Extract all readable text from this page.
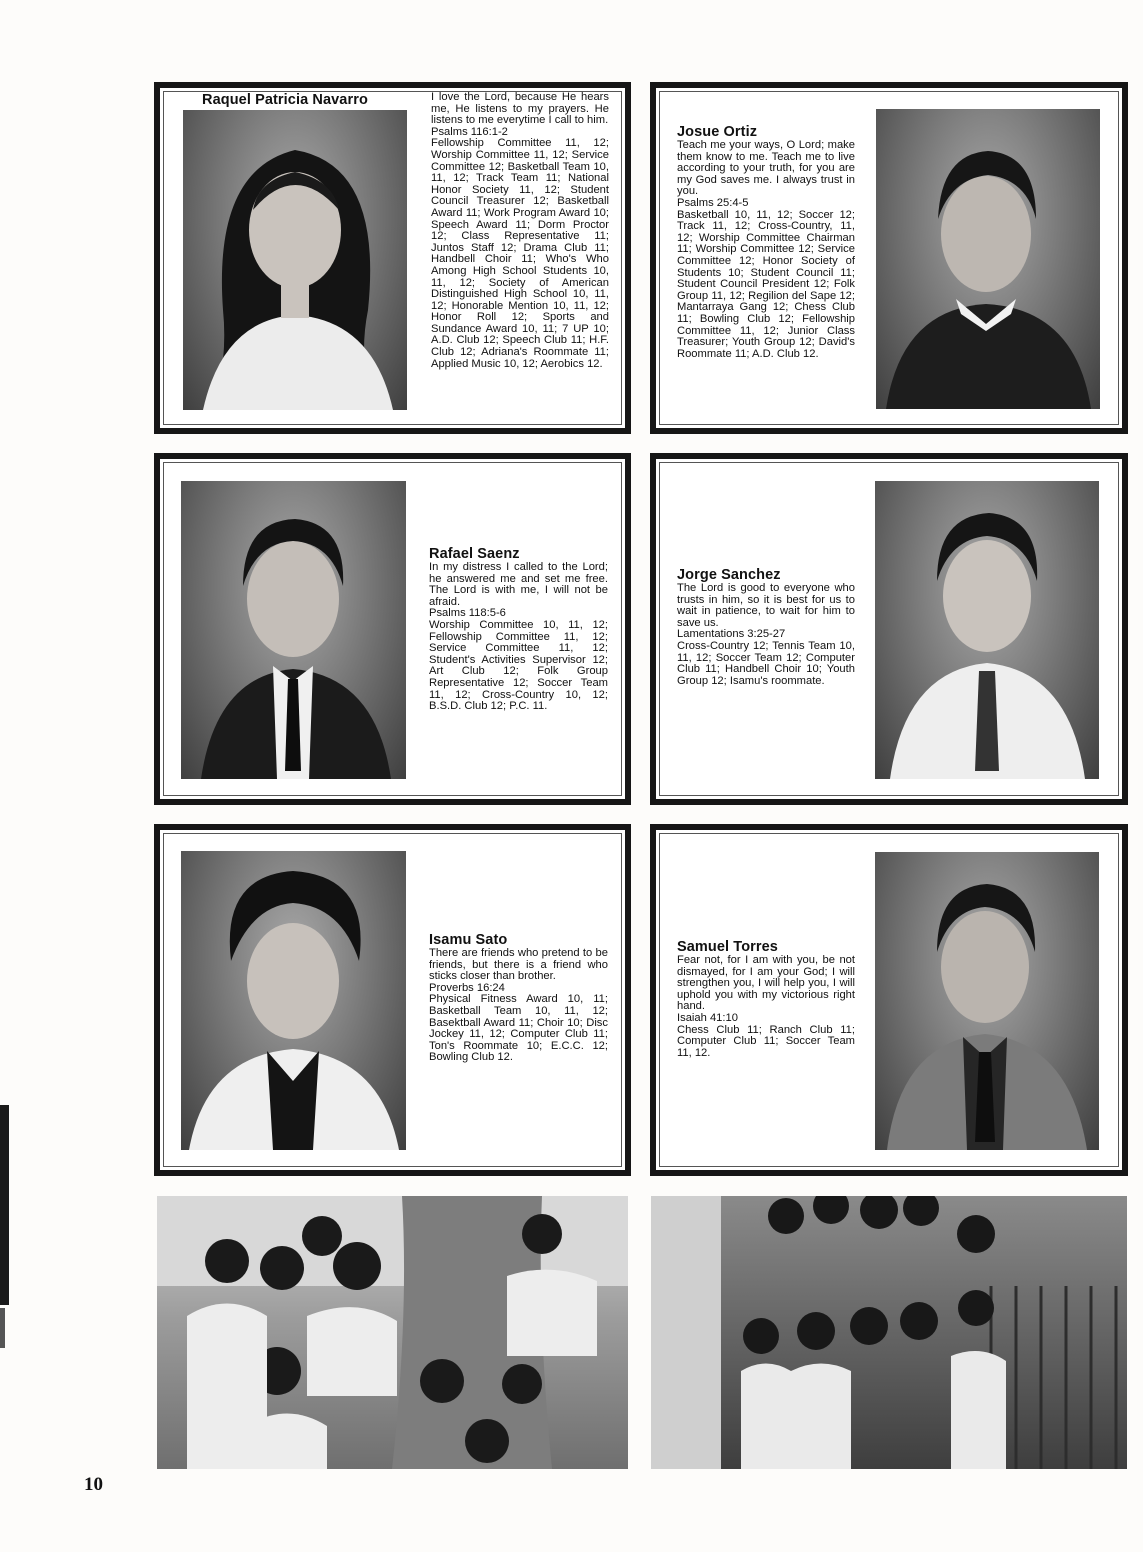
Raquel Patricia Navarro	I love the Lord, because He hears me, He listens to my prayers. He listens to me everytime I call to him.

Psalms 116:1-2

Fellowship Committee 11, 12; Worship Committee 11, 12; Service Committee 12; Basketball Team 10, 11, 12; Track Team 11; National Honor Society 11, 12; Student Council Treasurer 12; Basketball Award 11; Work Program Award 10; Speech Award 11; Dorm Proctor 12; Class Representative 11; Juntos Staff 12; Drama Club 11; Handbell Choir 11; Who's Who Among High School Students 10, 11, 12; Society of American Distinguished High School 10, 11, 12; Honorable Mention 10, 11, 12; Honor Roll 12; Sports and Sundance Award 10, 11; 7 UP 10; A.D. Club 12; Speech Club 11; H.F. Club 12; Adriana's Roommate 11; Applied Music 10, 12; Aerobics 12.

Josue Ortiz

Teach me your ways, O Lord; make them know to me. Teach me to live according to your truth, for you are my God saves me. I always trust in you.

Psalms 25:4-5

Basketball 10, 11, 12; Soccer 12; Track 11, 12; Cross-Country, 11, 12; Worship Committee Chairman 11; Worship Committee 12; Service Committee 12; Honor Society of Students 10; Student Council 11; Student Council President 12; Folk Group 11, 12; Regilion del Sape 12; Mantarraya Gang 12; Chess Club 11; Bowling Club 12; Fellowship Committee 11, 12; Junior Class Treasurer; Youth Group 12; David's Roommate 11; A.D. Club 12.

Rafael Saenz

In my distress I called to the Lord; he answered me and set me free. The Lord is with me, I will not be afraid.

Psalms 118:5-6

Worship Committee 10, 11, 12; Fellowship Committee 11, 12; Service Committee 11, 12; Student's Activities Supervisor 12; Art Club 12; Folk Group Representative 12; Soccer Team 11, 12; Cross-Country 10, 12; B.S.D. Club 12; P.C. 11.

Jorge Sanchez

The Lord is good to everyone who trusts in him, so it is best for us to wait in patience, to wait for him to save us.

Lamentations 3:25-27

Cross-Country 12; Tennis Team 10, 11, 12; Soccer Team 12; Computer Club 11; Handbell Choir 10; Youth Group 12; Isamu's roommate.

Isamu Sato

There are friends who pretend to be friends, but there is a friend who sticks closer than brother.

Proverbs 16:24

Physical Fitness Award 10, 11; Basketball Team 10, 11, 12; Basektball Award 11; Choir 10; Disc Jockey 11, 12; Computer Club 11; Ton's Roommate 10; E.C.C. 12; Bowling Club 12.

Samuel Torres

Fear not, for I am with you, be not dismayed, for I am your God; I will strengthen you, I will help you, I will uphold you with my victorious right hand.

Isaiah 41:10

Chess Club 11; Ranch Club 11; Computer Club 11; Soccer Team 11, 12.

10
